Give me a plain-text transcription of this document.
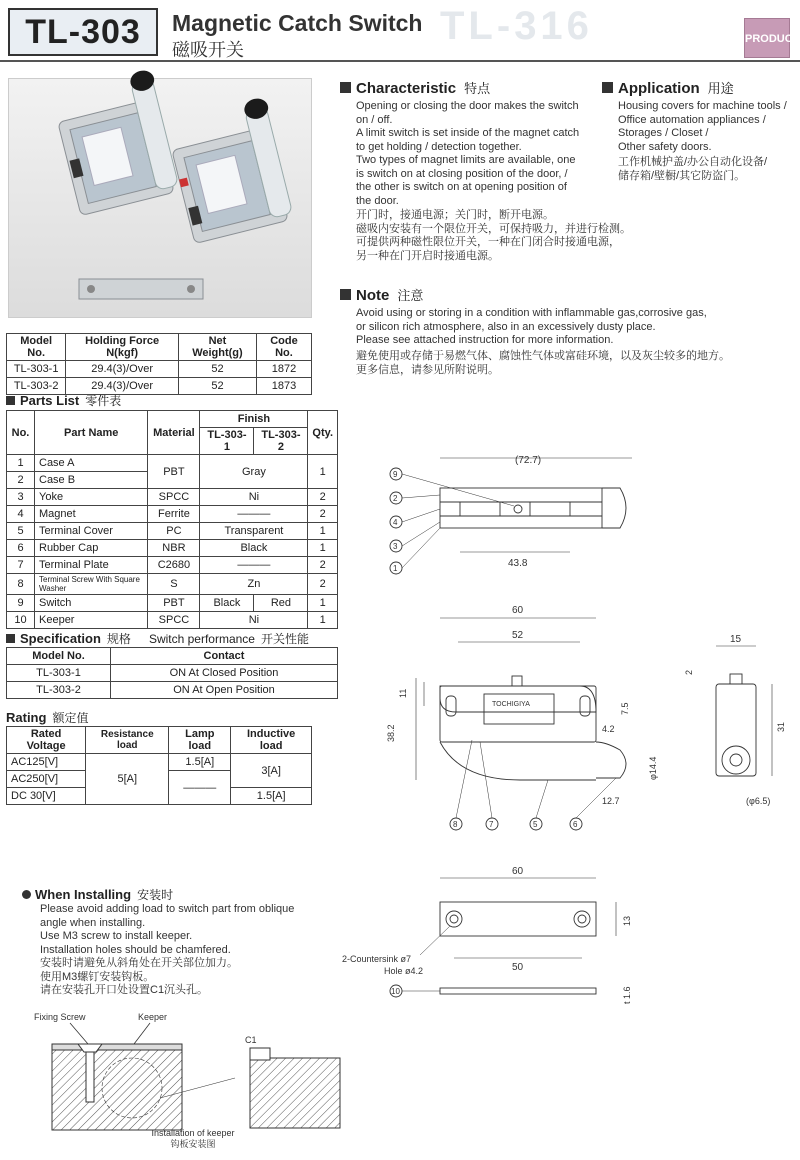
TL-303	Magnetic Catch Switch
磁吸开关
TL-316	PRODUCT
Model No.	Holding Force N(kgf)	Net Weight(g)	Code No.
TL-303-1	29.4(3)/Over	52	1872
TL-303-2	29.4(3)/Over	52	1873
Parts List 零件表
No.	Part Name	Material	Finish		Qty.
			TL-303-1	TL-303-2	
1	Case A	PBT	Gray		1
2	Case B				
3	Yoke	SPCC	Ni		2
4	Magnet	Ferrite	———		2
5	Terminal Cover	PC	Transparent		1
6	Rubber Cap	NBR	Black		1
7	Terminal Plate	C2680	———		2
8	Terminal Screw With Square Washer	S	Zn		2
9	Switch	PBT	Black	Red	1
10	Keeper	SPCC	Ni		1
Specification 规格 Switch performance 开关性能
Model No.	Contact
TL-303-1	ON At Closed Position
TL-303-2	ON At Open Position
Rating 额定值
Rated Voltage	Resistance load	Lamp load	Inductive load
AC125[V]	5[A]	1.5[A]	3[A]
AC250[V]		———	
DC 30[V]			1.5[A]
Characteristic 特点
Opening or closing the door makes the switch
on / off.
A limit switch is set inside of the magnet catch
to get holding / detection together.
Two types of magnet limits are available, one
is switch on at closing position of the door, /
the other is switch on at opening position of
the door.
开门时，接通电源；关门时，断开电源。
磁吸内安装有一个限位开关，可保持吸力，并进行检测。
可提供两种磁性限位开关，一种在门闭合时接通电源，
另一种在门开启时接通电源。
Application 用途
Housing covers for machine tools /
Office automation appliances /
Storages / Closet /
Other safety doors.
工作机械护盖/办公自动化设备/
储存箱/壁橱/其它防盗门。
Note 注意
Avoid using or storing in a condition with inflammable gas,corrosive gas,
or silicon rich atmosphere, also in an excessively dusty place.
Please see attached instruction for more information.
避免使用或存储于易燃气体、腐蚀性气体或富硅环境，以及灰尘较多的地方。
更多信息，请参见所附说明。
When Installing 安装时
Please avoid adding load to switch part from oblique
angle when installing.
Use M3 screw to install keeper.
Installation holes should be chamfered.
安装时请避免从斜角处在开关部位加力。
使用M3螺钉安装钩板。
请在安装孔开口处设置C1沉头孔。
Fixing Screw	Keeper
C1
Installation of keeper
钩板安装图
(72.7)
43.8
9
2
4
3
1
60
52
11
38.2
TOCHIGIYA	7.5
4.2
φ14.4
12.7
8	7	5	6
15
2
31
(φ6.5)
60
50
13
t 1.6
2-Countersink ø7
Hole ø4.2
10
